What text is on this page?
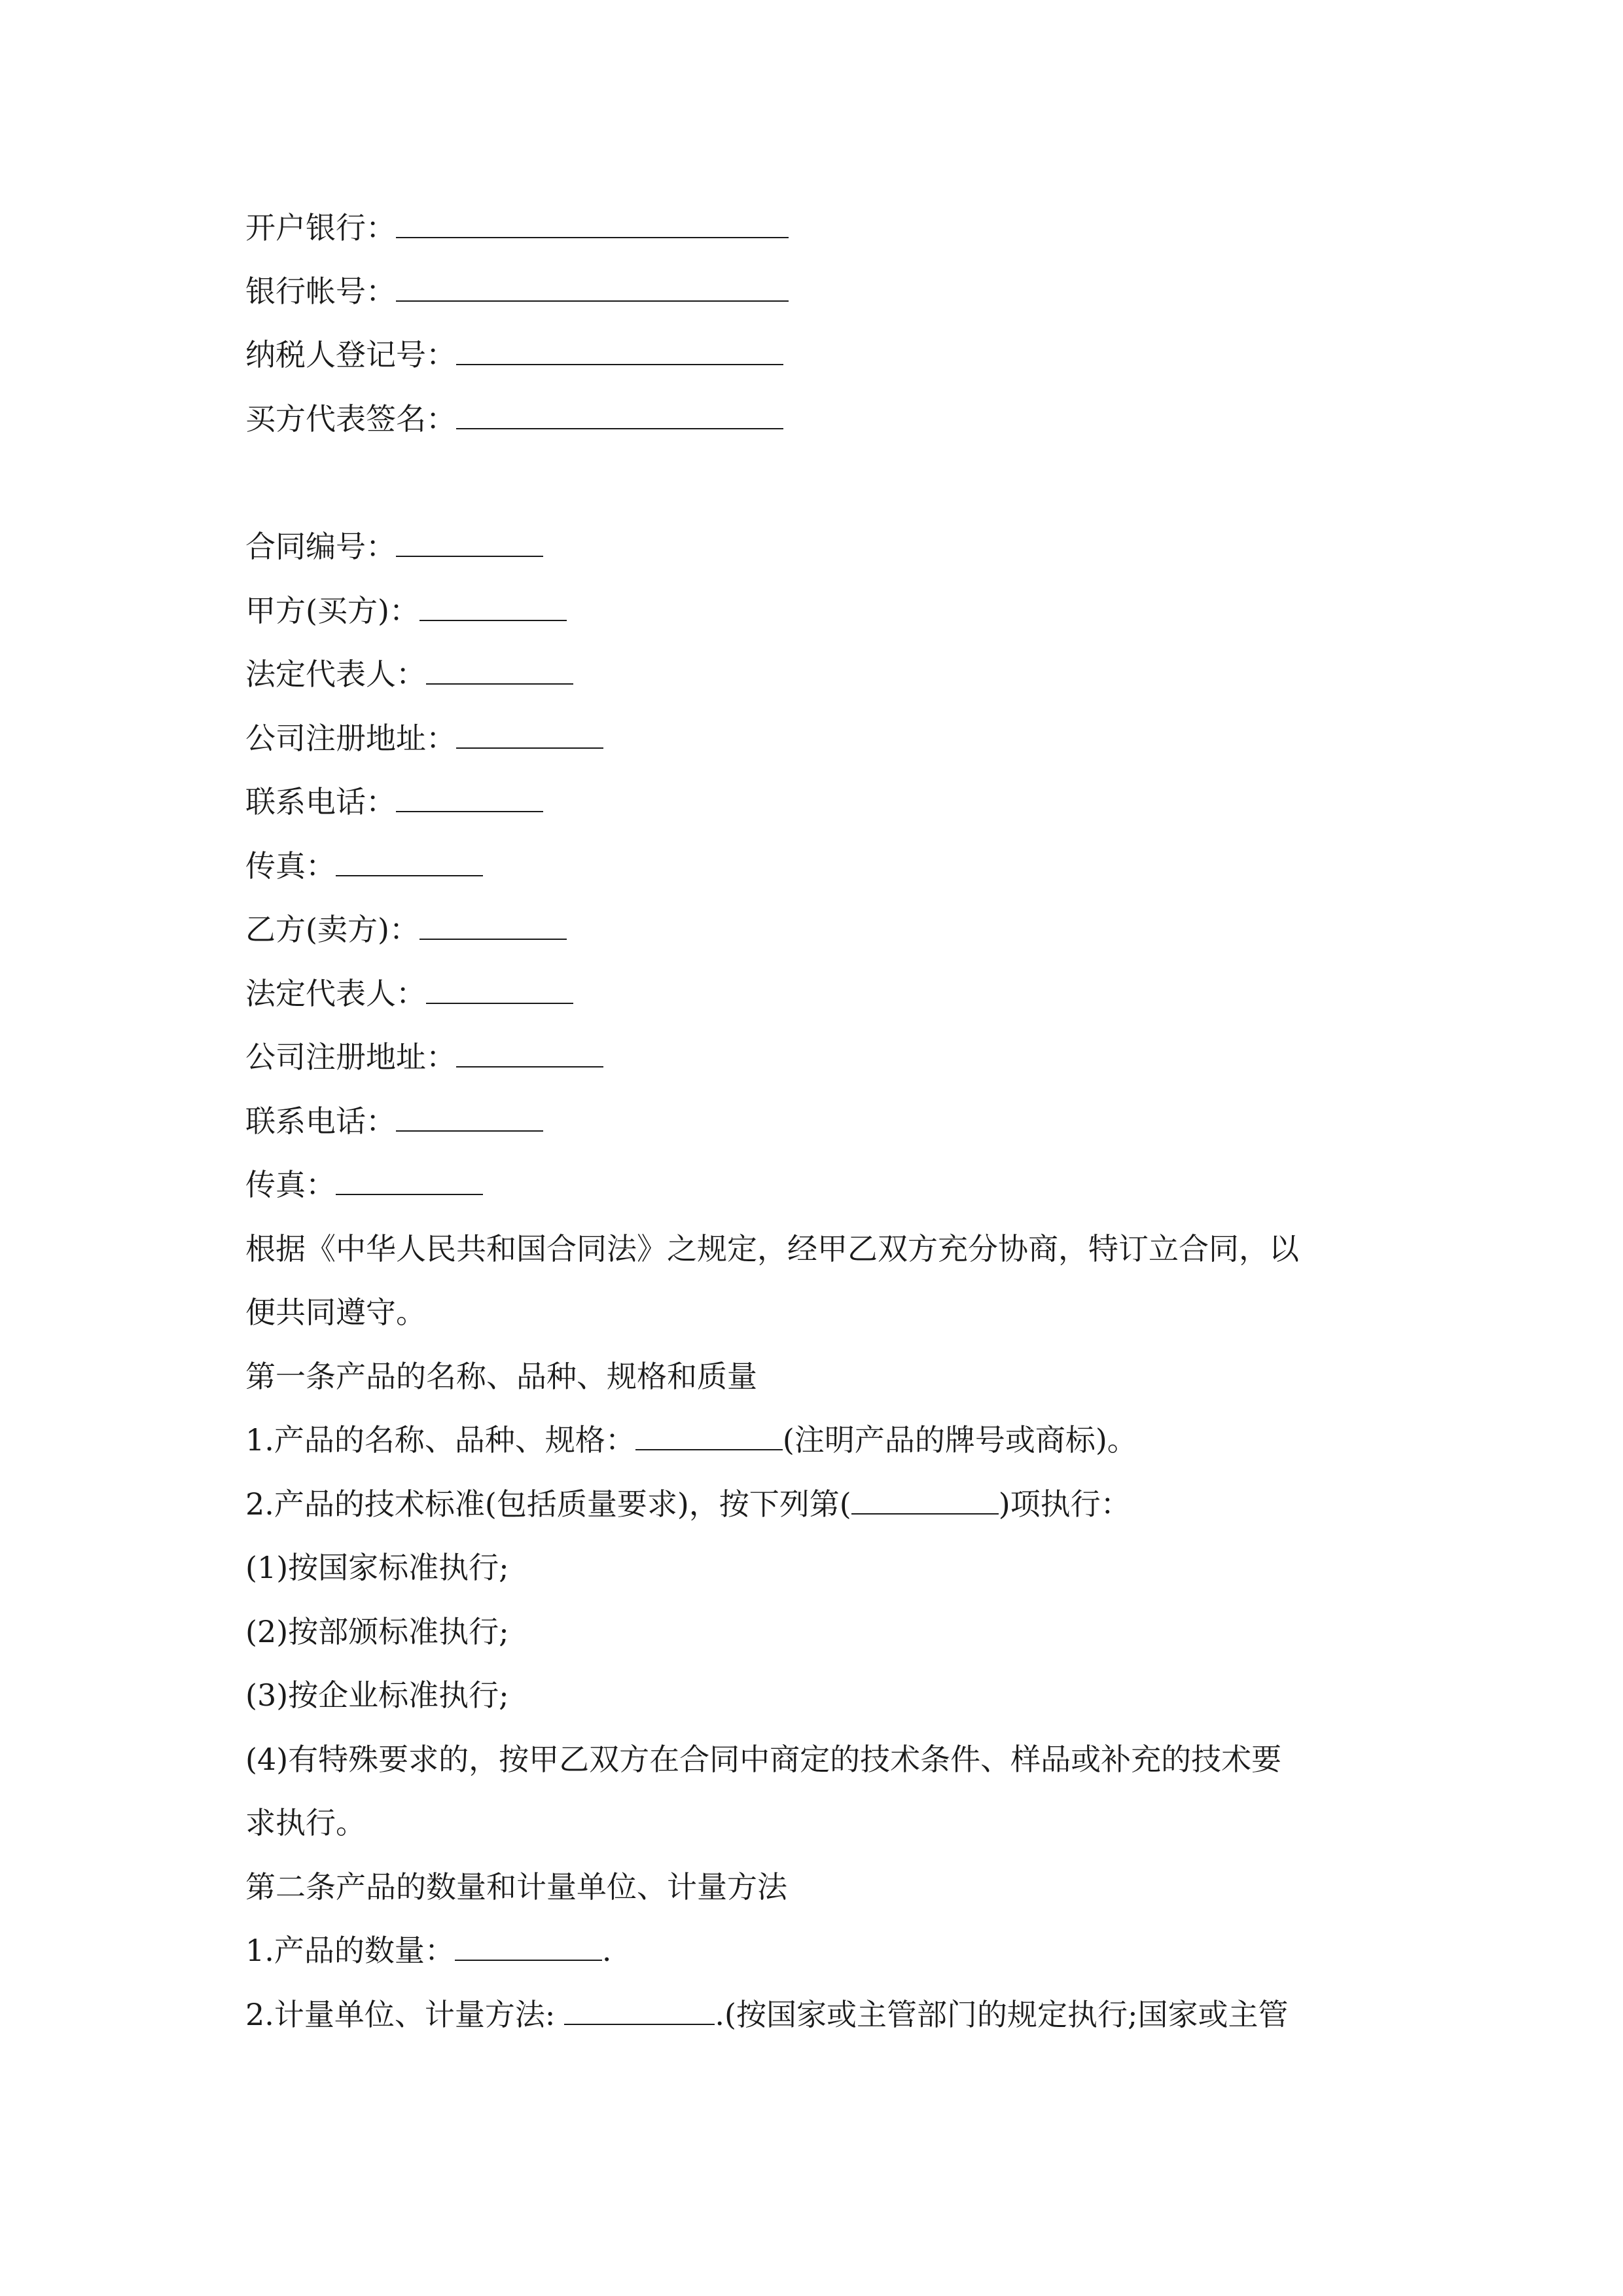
开户银行：
银行帐号：
纳税人登记号：
买方代表签名：
合同编号：
甲方(买方)：
法定代表人：
公司注册地址：
联系电话：
传真：
乙方(卖方)：
法定代表人：
公司注册地址：
联系电话：
传真：
根据《中华人民共和国合同法》之规定，经甲乙双方充分协商，特订立合同，以
便共同遵守。
第一条产品的名称、品种、规格和质量
1.产品的名称、品种、规格：	(注明产品的牌号或商标)。
2.产品的技术标准(包括质量要求)，按下列第(	)项执行：
(1)按国家标准执行;
(2)按部颁标准执行;
(3)按企业标准执行;
(4)有特殊要求的，按甲乙双方在合同中商定的技术条件、样品或补充的技术要
求执行。
第二条产品的数量和计量单位、计量方法
1.产品的数量：	.
2.计量单位、计量方法:	.(按国家或主管部门的规定执行;国家或主管
